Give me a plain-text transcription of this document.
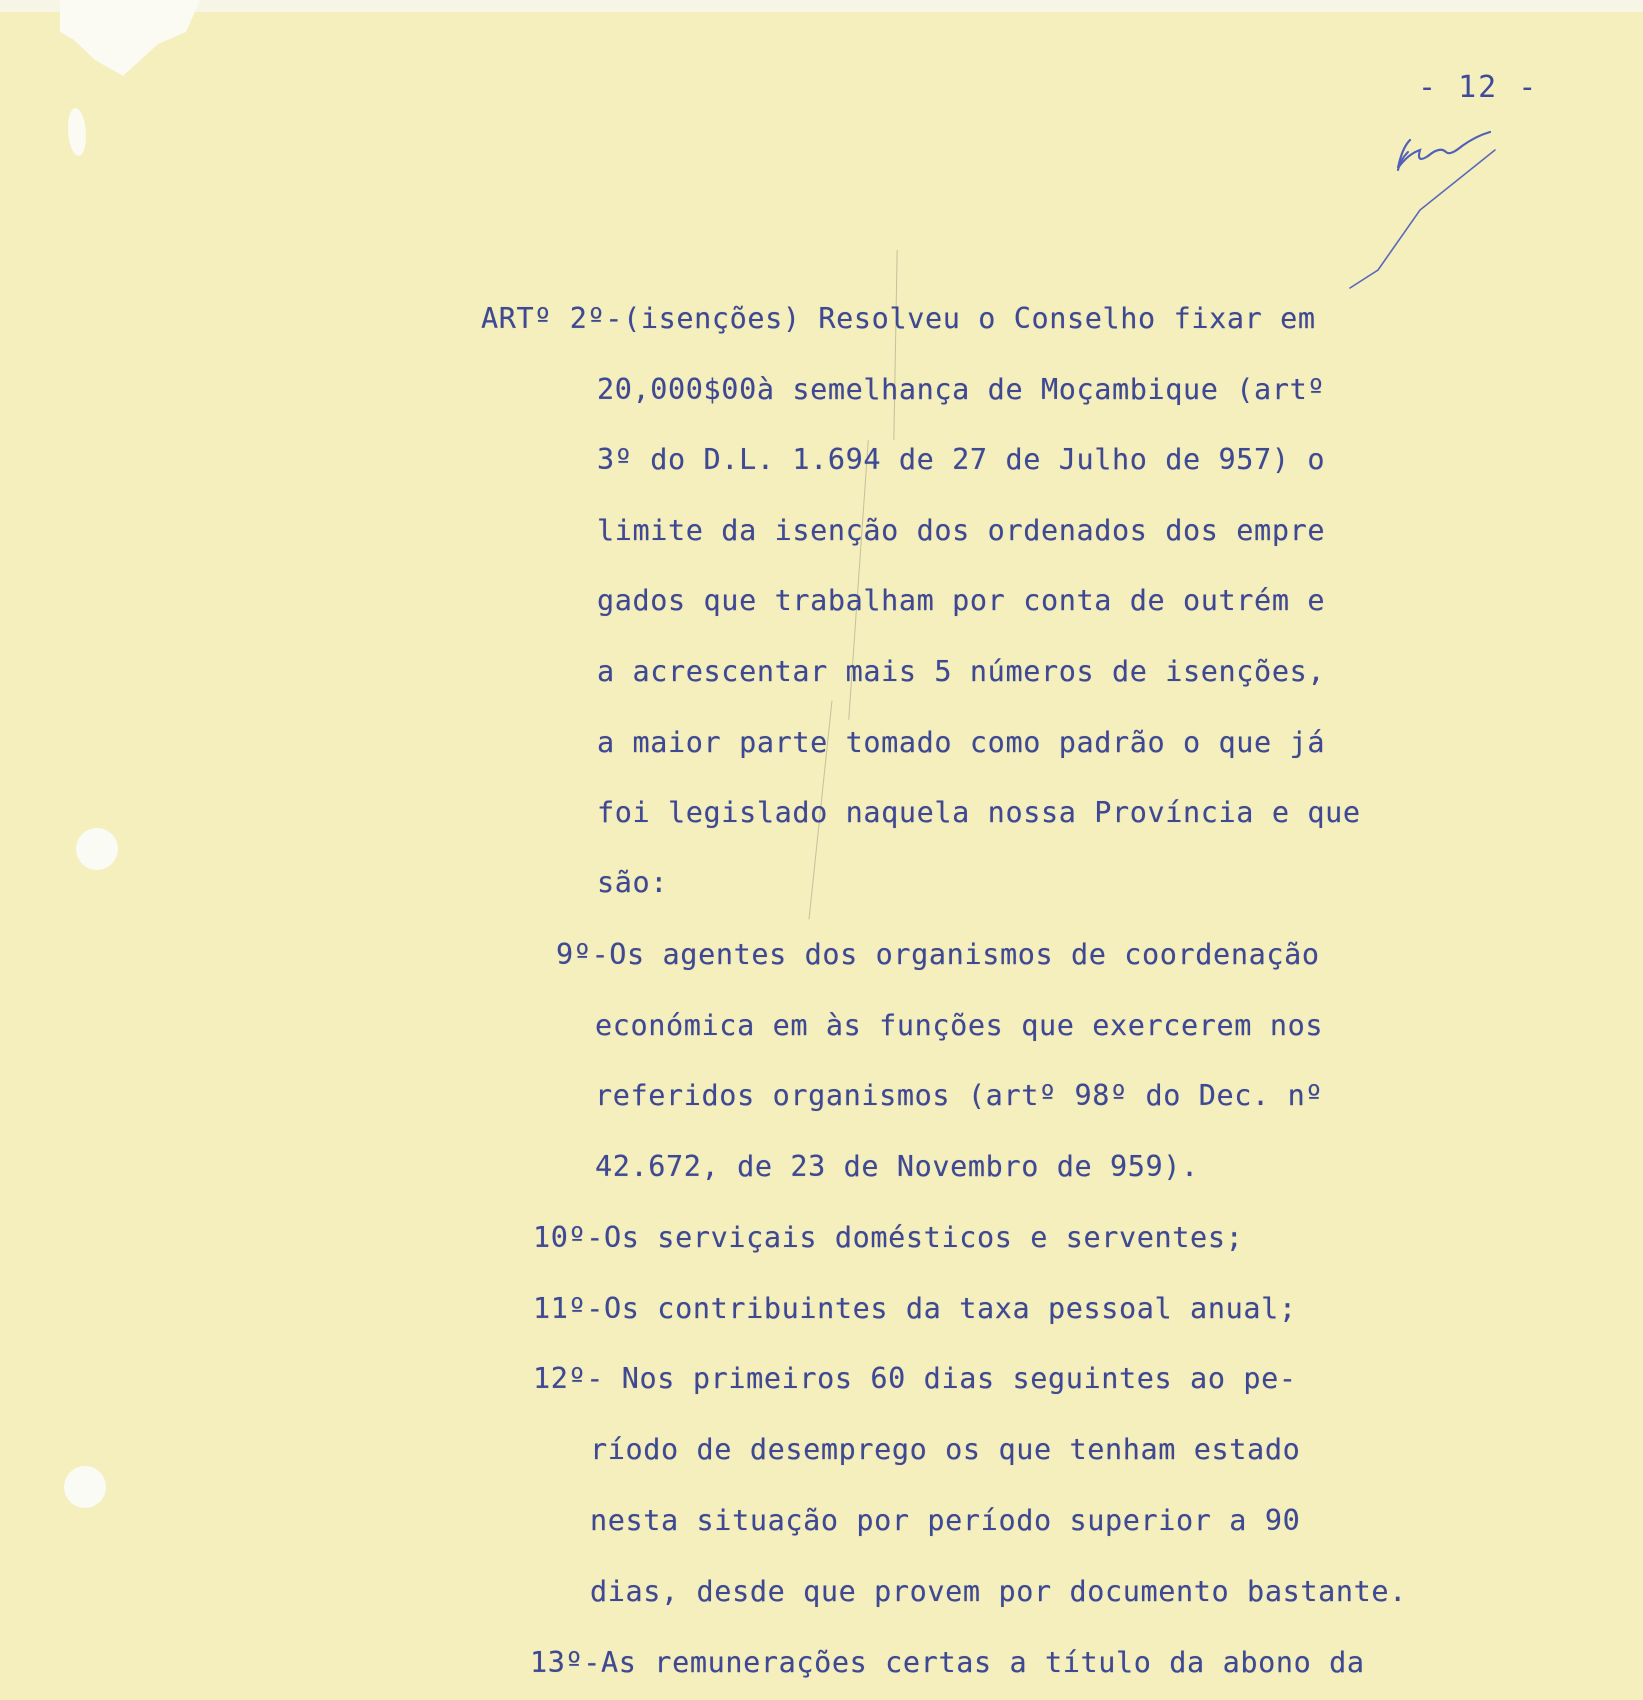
- 12 -
ARTº 2º-(isenções) Resolveu o Conselho fixar em
20,000$00à semelhança de Moçambique (artº
3º do D.L. 1.694 de 27 de Julho de 957) o
limite da isenção dos ordenados dos empre
gados que trabalham por conta de outrém e
a acrescentar mais 5 números de isenções,
a maior parte tomado como padrão o que já
foi legislado naquela nossa Província e que
são:
9º-Os agentes dos organismos de coordenação
económica em às funções que exercerem nos
referidos organismos (artº 98º do Dec. nº
42.672, de 23 de Novembro de 959).
10º-Os serviçais domésticos e serventes;
11º-Os contribuintes da taxa pessoal anual;
12º- Nos primeiros 60 dias seguintes ao pe-
ríodo de desemprego os que tenham estado
nesta situação por período superior a 90
dias, desde que provem por documento bastante.
13º-As remunerações certas a título da abono da
